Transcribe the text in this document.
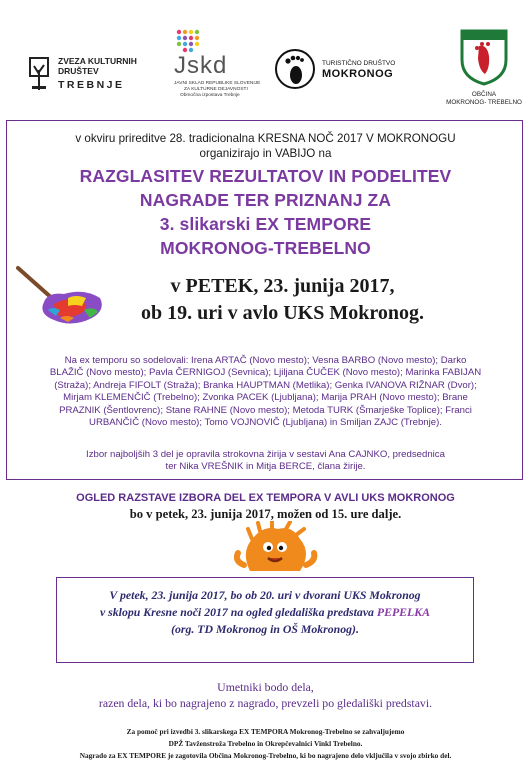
ZVEZA KULTURNIH
DRUŠTEV
TREBNJE
Jskd
JAVNI SKLAD REPUBLIKE SLOVENIJE
ZA KULTURNE DEJAVNOSTI
Območna izpostava Trebnje
TURISTIČNO DRUŠTVO
MOKRONOG
OBČINA
MOKRONOG- TREBELNO
v okviru prireditve 28. tradicionalna KRESNA NOČ 2017 V MOKRONOGU
organizirajo in VABIJO na
RAZGLASITEV REZULTATOV IN PODELITEV
NAGRADE TER PRIZNANJ ZA
3. slikarski EX TEMPORE
MOKRONOG-TREBELNO
v PETEK, 23. junija 2017,
ob 19. uri v avlo UKS Mokronog.
Na ex temporu so sodelovali: Irena ARTAČ (Novo mesto); Vesna BARBO (Novo mesto); Darko
BLAŽIČ (Novo mesto); Pavla ČERNIGOJ (Sevnica); Ljiljana ČUČEK (Novo mesto); Marinka FABIJAN
(Straža); Andreja FIFOLT (Straža); Branka HAUPTMAN (Metlika); Genka IVANOVA RIŽNAR (Dvor);
Mirjam KLEMENČIČ (Trebelno); Zvonka PACEK (Ljubljana); Marija PRAH (Novo mesto); Brane
PRAZNIK (Šentlovrenc); Stane RAHNE (Novo mesto); Metoda TURK (Šmarješke Toplice); Franci
URBANČIČ (Novo mesto); Tomo VOJNOVIČ (Ljubljana) in Smiljan ZAJC (Trebnje).
Izbor najboljših 3 del je opravila strokovna žirija v sestavi Ana CAJNKO, predsednica
ter Nika VREŠNIK in Mitja BERCE, člana žirije.
OGLED RAZSTAVE IZBORA DEL EX TEMPORA V AVLI UKS MOKRONOG
bo v petek, 23. junija 2017, možen od 15. ure dalje.
V petek, 23. junija 2017, bo ob 20. uri v dvorani UKS Mokronog
v sklopu Kresne noči 2017 na ogled gledališka predstava PEPELKA
(org. TD Mokronog in OŠ Mokronog).
Umetniki bodo dela,
razen dela, ki bo nagrajeno z nagrado, prevzeli po gledališki predstavi.
Za pomoč pri izvedbi 3. slikarskega EX TEMPORA Mokronog-Trebelno se zahvaljujemo
DPŽ Tavženstroža Trebelno in Okrepčevalnici Vinkl Trebelno.
Nagrado za EX TEMPORE je zagotovila Občina Mokronog-Trebelno, ki bo nagrajeno delo vključila v svojo zbirko del.
